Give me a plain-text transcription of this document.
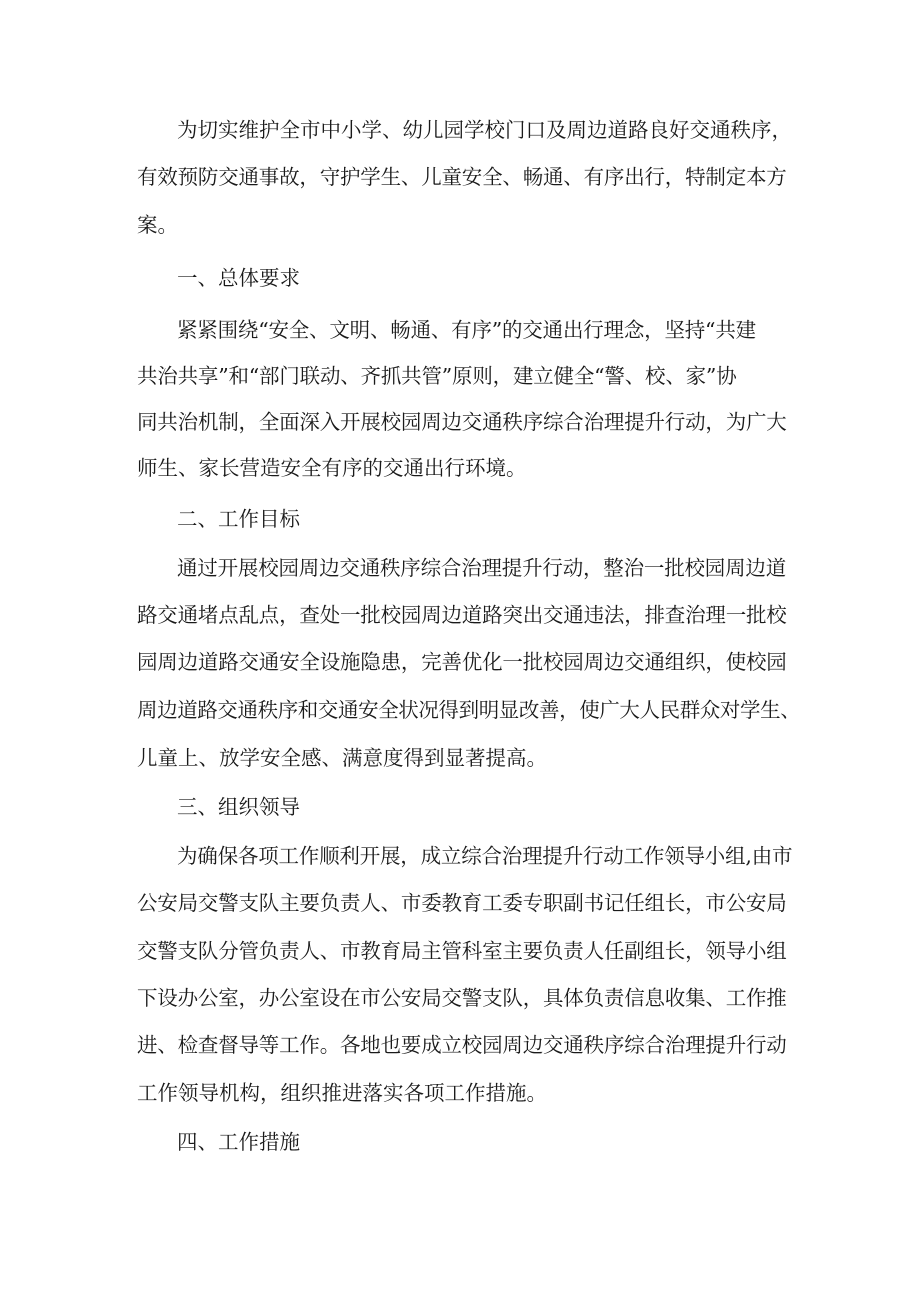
为切实维护全市中小学、幼儿园学校门口及周边道路良好交通秩序，
有效预防交通事故，守护学生、儿童安全、畅通、有序出行，特制定本方
案。
一、总体要求
紧紧围绕“安全、文明、畅通、有序”的交通出行理念，坚持“共建
共治共享”和“部门联动、齐抓共管”原则，建立健全“警、校、家”协
同共治机制，全面深入开展校园周边交通秩序综合治理提升行动，为广大
师生、家长营造安全有序的交通出行环境。
二、工作目标
通过开展校园周边交通秩序综合治理提升行动，整治一批校园周边道
路交通堵点乱点，查处一批校园周边道路突出交通违法，排查治理一批校
园周边道路交通安全设施隐患，完善优化一批校园周边交通组织，使校园
周边道路交通秩序和交通安全状况得到明显改善，使广大人民群众对学生、
儿童上、放学安全感、满意度得到显著提高。
三、组织领导
为确保各项工作顺利开展，成立综合治理提升行动工作领导小组,由市
公安局交警支队主要负责人、市委教育工委专职副书记任组长，市公安局
交警支队分管负责人、市教育局主管科室主要负责人任副组长，领导小组
下设办公室，办公室设在市公安局交警支队，具体负责信息收集、工作推
进、检查督导等工作。各地也要成立校园周边交通秩序综合治理提升行动
工作领导机构，组织推进落实各项工作措施。
四、工作措施
